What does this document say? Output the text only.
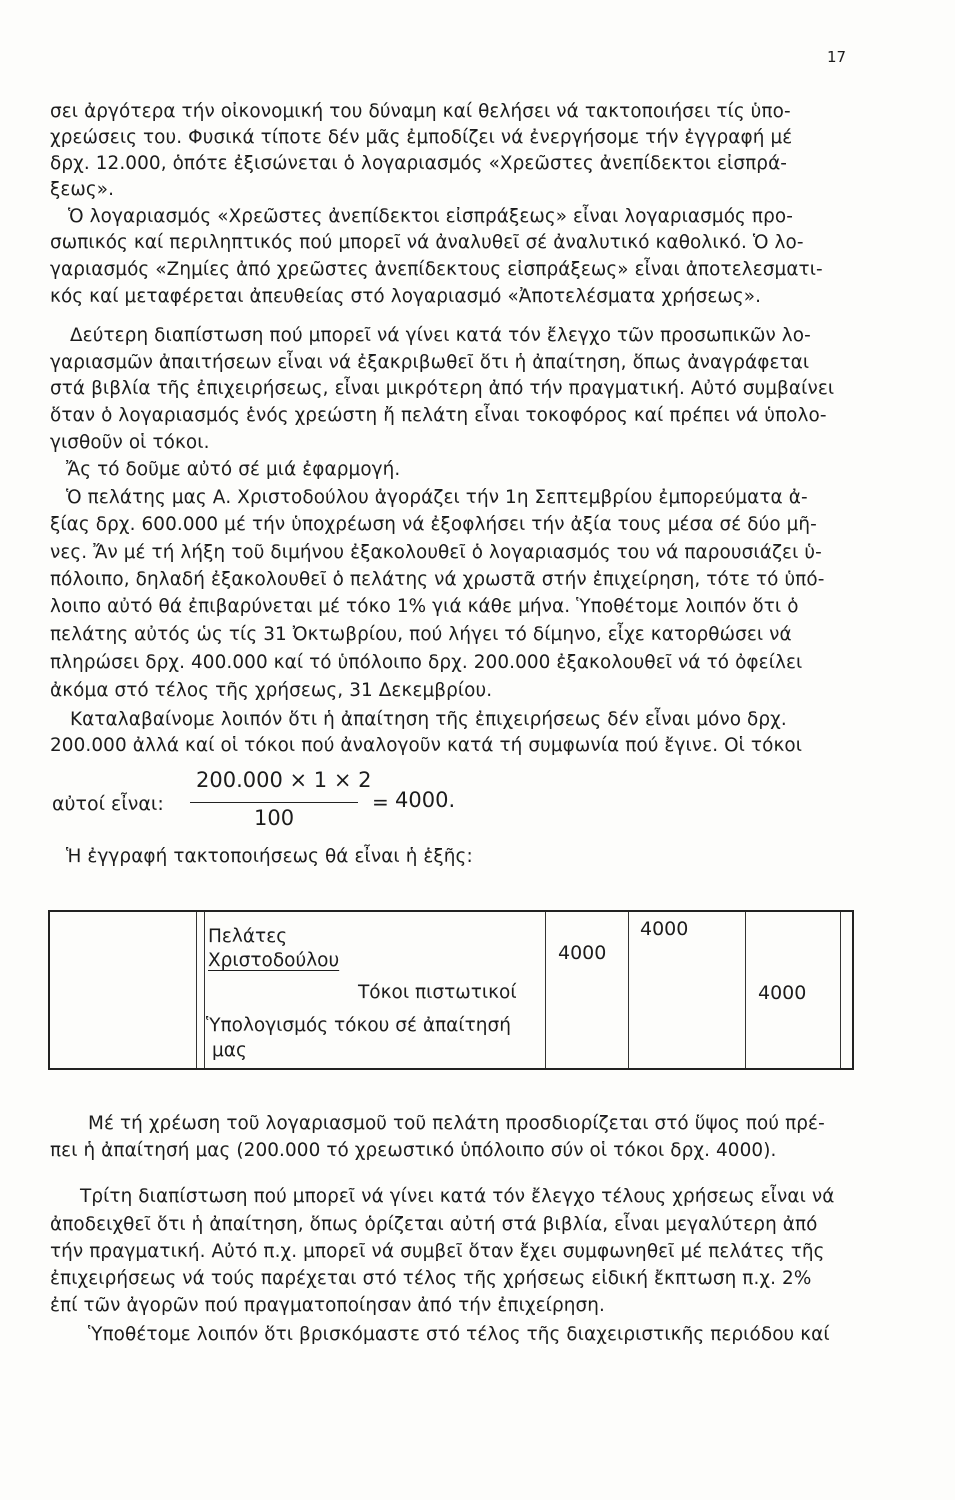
17
σει ἀργότερα τήν οἰκονομική του δύναμη καί θελήσει νά τακτοποιήσει τίς ὑπο-
χρεώσεις του. Φυσικά τίποτε δέν μᾶς ἐμποδίζει νά ἐνεργήσομε τήν ἐγγραφή μέ
δρχ. 12.000, ὁπότε ἐξισώνεται ὁ λογαριασμός «Χρεῶστες ἀνεπίδεκτοι εἰσπρά-
ξεως».
Ὁ λογαριασμός «Χρεῶστες ἀνεπίδεκτοι εἰσπράξεως» εἶναι λογαριασμός προ-
σωπικός καί περιληπτικός πού μπορεῖ νά ἀναλυθεῖ σέ ἀναλυτικό καθολικό. Ὁ λο-
γαριασμός «Ζημίες ἀπό χρεῶστες ἀνεπίδεκτους εἰσπράξεως» εἶναι ἀποτελεσματι-
κός καί μεταφέρεται ἀπευθείας στό λογαριασμό «Ἀποτελέσματα χρήσεως».
Δεύτερη διαπίστωση πού μπορεῖ νά γίνει κατά τόν ἔλεγχο τῶν προσωπικῶν λο-
γαριασμῶν ἀπαιτήσεων εἶναι νά ἐξακριβωθεῖ ὅτι ἡ ἀπαίτηση, ὅπως ἀναγράφεται
στά βιβλία τῆς ἐπιχειρήσεως, εἶναι μικρότερη ἀπό τήν πραγματική. Αὐτό συμβαίνει
ὅταν ὁ λογαριασμός ἑνός χρεώστη ἤ πελάτη εἶναι τοκοφόρος καί πρέπει νά ὑπολο-
γισθοῦν οἱ τόκοι.
Ἄς τό δοῦμε αὐτό σέ μιά ἐφαρμογή.
Ὁ πελάτης μας Α. Χριστοδούλου ἀγοράζει τήν 1η Σεπτεμβρίου ἐμπορεύματα ἀ-
ξίας δρχ. 600.000 μέ τήν ὑποχρέωση νά ἐξοφλήσει τήν ἀξία τους μέσα σέ δύο μῆ-
νες. Ἄν μέ τή λήξη τοῦ διμήνου ἐξακολουθεῖ ὁ λογαριασμός του νά παρουσιάζει ὑ-
πόλοιπο, δηλαδή ἐξακολουθεῖ ὁ πελάτης νά χρωστᾶ στήν ἐπιχείρηση, τότε τό ὑπό-
λοιπο αὐτό θά ἐπιβαρύνεται μέ τόκο 1% γιά κάθε μήνα. Ὑποθέτομε λοιπόν ὅτι ὁ
πελάτης αὐτός ὡς τίς 31 Ὀκτωβρίου, πού λήγει τό δίμηνο, εἶχε κατορθώσει νά
πληρώσει δρχ. 400.000 καί τό ὑπόλοιπο δρχ. 200.000 ἐξακολουθεῖ νά τό ὀφείλει
ἀκόμα στό τέλος τῆς χρήσεως, 31 Δεκεμβρίου.
Καταλαβαίνομε λοιπόν ὅτι ἡ ἀπαίτηση τῆς ἐπιχειρήσεως δέν εἶναι μόνο δρχ.
200.000 ἀλλά καί οἱ τόκοι πού ἀναλογοῦν κατά τή συμφωνία πού ἔγινε. Οἱ τόκοι
αὐτοί εἶναι:
200.000 × 1 × 2
100
= 4000.
Ἡ ἐγγραφή τακτοποιήσεως θά εἶναι ἡ ἑξῆς:
Πελάτες
Χριστοδούλου
Τόκοι πιστωτικοί
Ὑπολογισμός τόκου σέ ἀπαίτησή
μας
4000
4000
4000
Μέ τή χρέωση τοῦ λογαριασμοῦ τοῦ πελάτη προσδιορίζεται στό ὕψος πού πρέ-
πει ἡ ἀπαίτησή μας (200.000 τό χρεωστικό ὑπόλοιπο σύν οἱ τόκοι δρχ. 4000).
Τρίτη διαπίστωση πού μπορεῖ νά γίνει κατά τόν ἔλεγχο τέλους χρήσεως εἶναι νά
ἀποδειχθεῖ ὅτι ἡ ἀπαίτηση, ὅπως ὁρίζεται αὐτή στά βιβλία, εἶναι μεγαλύτερη ἀπό
τήν πραγματική. Αὐτό π.χ. μπορεῖ νά συμβεῖ ὅταν ἔχει συμφωνηθεῖ μέ πελάτες τῆς
ἐπιχειρήσεως νά τούς παρέχεται στό τέλος τῆς χρήσεως εἰδική ἔκπτωση π.χ. 2%
ἐπί τῶν ἀγορῶν πού πραγματοποίησαν ἀπό τήν ἐπιχείρηση.
Ὑποθέτομε λοιπόν ὅτι βρισκόμαστε στό τέλος τῆς διαχειριστικῆς περιόδου καί
